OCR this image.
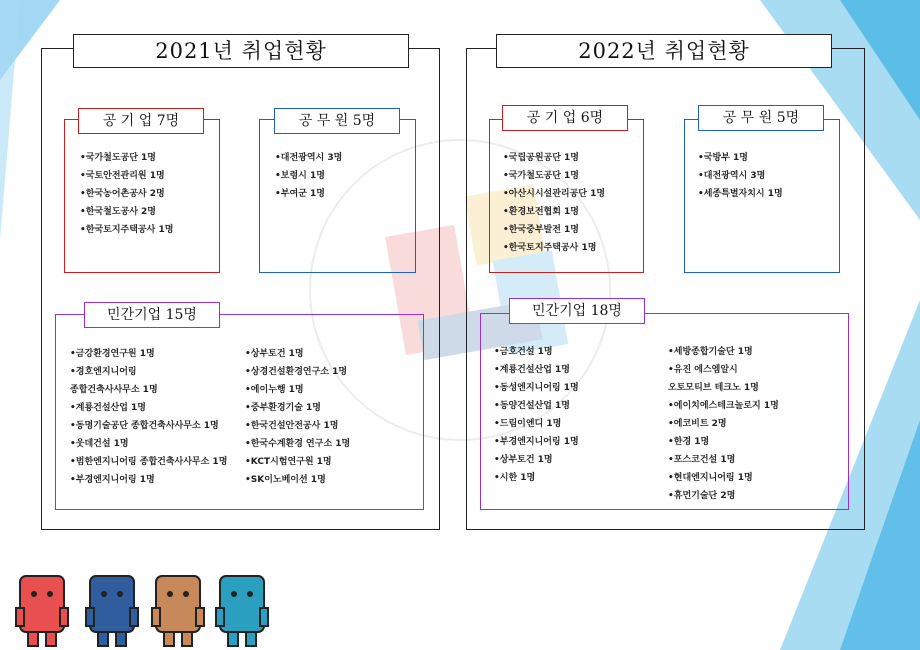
2021년 취업현황
공 기 업 7명
•국가철도공단 1명
•국토안전관리원 1명
•한국농어촌공사 2명
•한국철도공사 2명
•한국토지주택공사 1명
공 무 원 5명
•대전광역시 3명
•보령시 1명
•부여군 1명
민간기업 15명
•금강환경연구원 1명
•경호엔지니어링
종합건축사사무소 1명
•계룡건설산업 1명
•동명기술공단 종합건축사사무소 1명
•웃데건설 1명
•범한엔지니어링 종합건축사사무소 1명
•부경엔지니어링 1명
•상부토건 1명
•상경건설환경연구소 1명
•에이누행 1명
•중부환경기술 1명
•한국건설안전공사 1명
•한국수계환경 연구소 1명
•KCT시험연구원 1명
•SK이노베이션 1명
2022년 취업현황
공 기 업 6명
•국립공원공단 1명
•국가철도공단 1명
•아산시시설관리공단 1명
•환경보전협회 1명
•한국중부발전 1명
•한국토지주택공사 1명
공 무 원 5명
•국방부 1명
•대전광역시 3명
•세종특별자치시 1명
민간기업 18명
•금호건설 1명
•계룡건설산업 1명
•동성엔지니어링 1명
•동양건설산업 1명
•드림이엔디 1명
•부경엔지니어링 1명
•상부토건 1명
•시한 1명
•세방종합기술단 1명
•유진 에스엠알시
오토모티브 테크노 1명
•에이치에스테크놀로지 1명
•에코비트 2명
•한경 1명
•포스코건설 1명
•현대엔지니어링 1명
•휴먼기술단 2명
